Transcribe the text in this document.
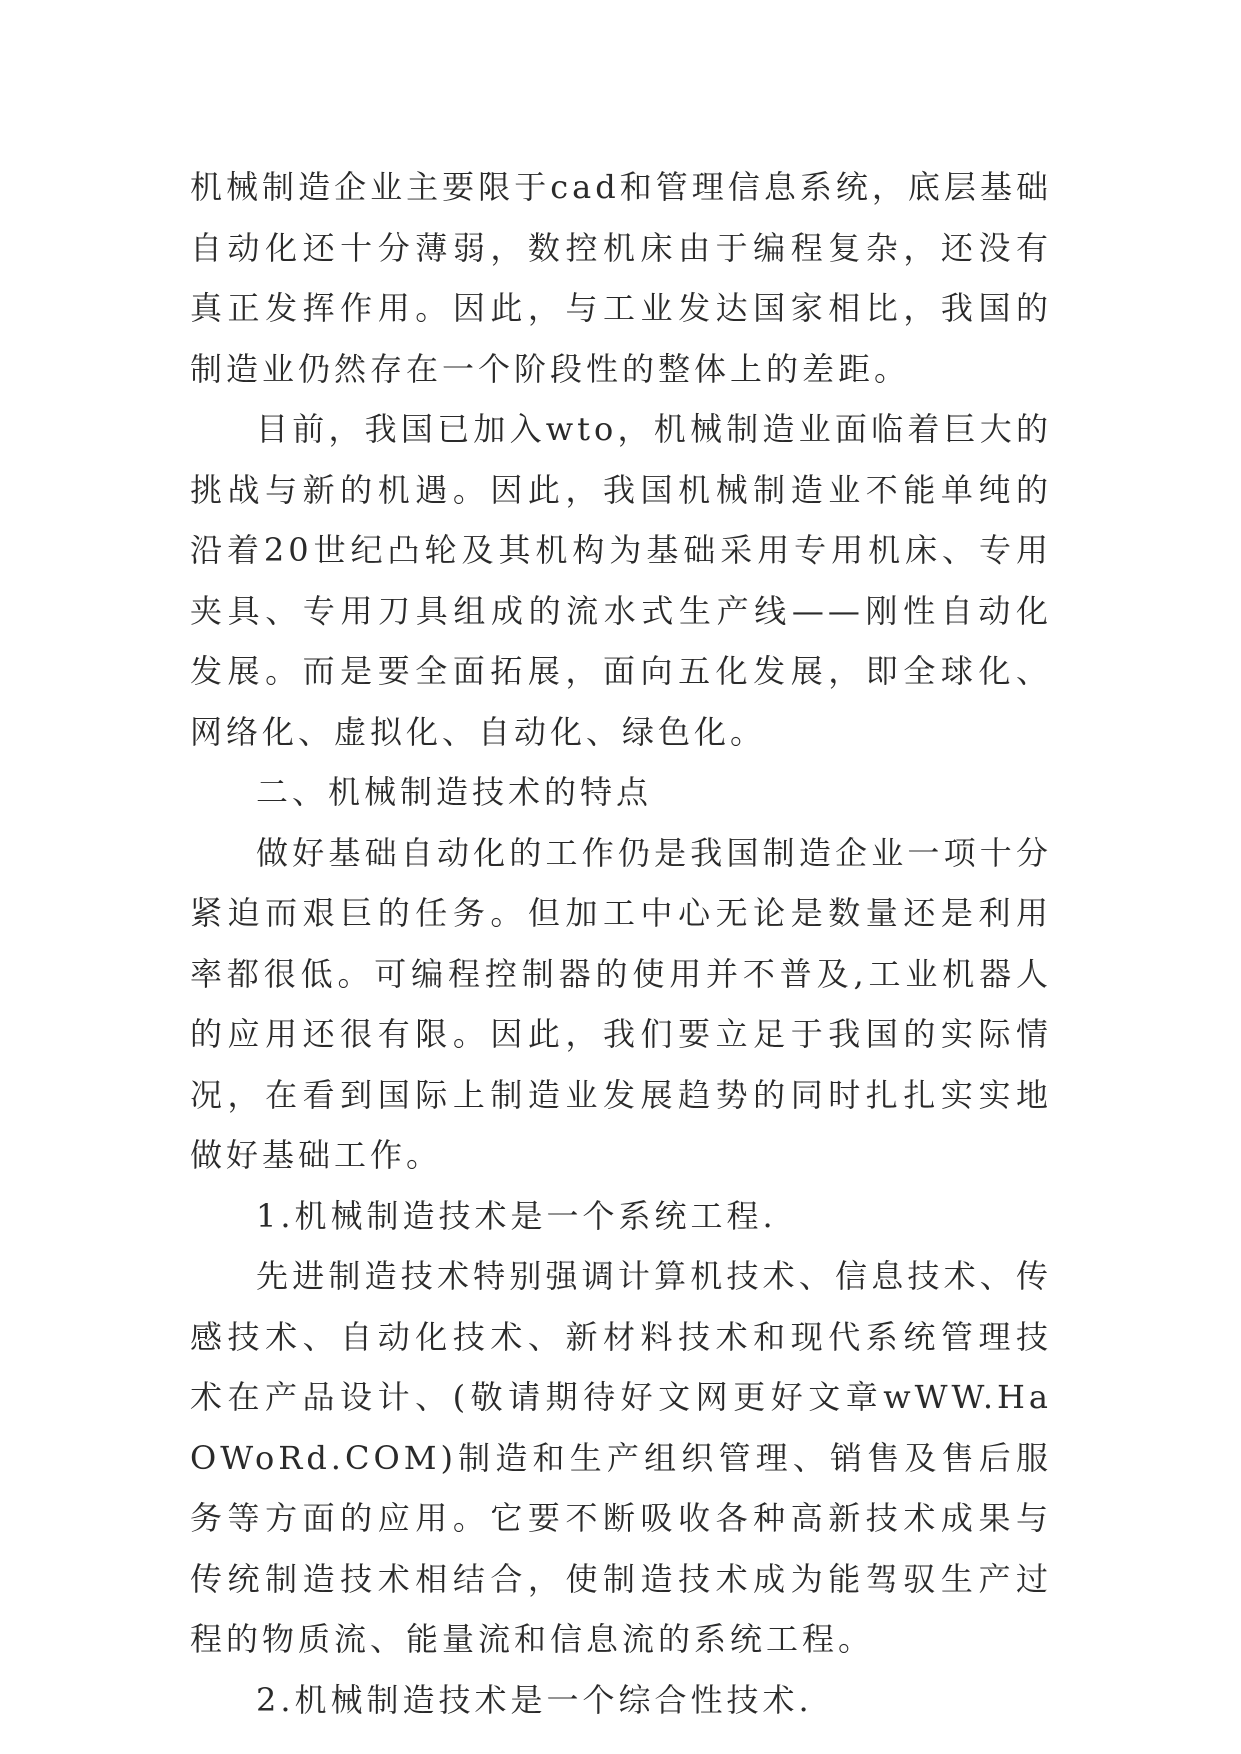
机械制造企业主要限于cad和管理信息系统，底层基础自动化还十分薄弱，数控机床由于编程复杂，还没有真正发挥作用。因此，与工业发达国家相比，我国的制造业仍然存在一个阶段性的整体上的差距。

目前，我国已加入wto，机械制造业面临着巨大的挑战与新的机遇。因此，我国机械制造业不能单纯的沿着20世纪凸轮及其机构为基础采用专用机床、专用夹具、专用刀具组成的流水式生产线——刚性自动化发展。而是要全面拓展，面向五化发展，即全球化、网络化、虚拟化、自动化、绿色化。

二、机械制造技术的特点

做好基础自动化的工作仍是我国制造企业一项十分紧迫而艰巨的任务。但加工中心无论是数量还是利用率都很低。可编程控制器的使用并不普及,工业机器人的应用还很有限。因此，我们要立足于我国的实际情况，在看到国际上制造业发展趋势的同时扎扎实实地做好基础工作。

1.机械制造技术是一个系统工程.

先进制造技术特别强调计算机技术、信息技术、传感技术、自动化技术、新材料技术和现代系统管理技术在产品设计、(敬请期待好文网更好文章wWW.HaOWoRd.COM)制造和生产组织管理、销售及售后服务等方面的应用。它要不断吸收各种高新技术成果与传统制造技术相结合，使制造技术成为能驾驭生产过程的物质流、能量流和信息流的系统工程。

2.机械制造技术是一个综合性技术.
